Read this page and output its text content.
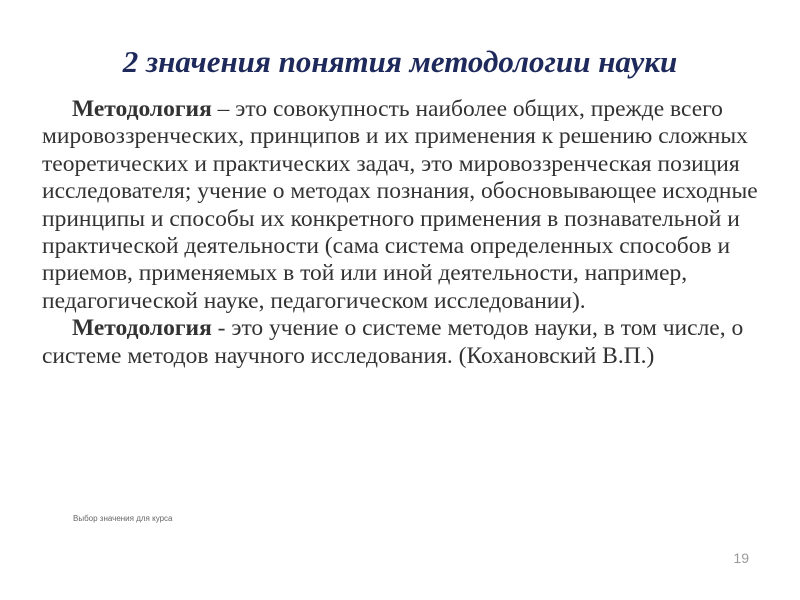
2 значения понятия методологии науки

Методология – это совокупность наиболее общих, прежде всего мировоззренческих, принципов и их применения к решению сложных теоретических и практических задач, это мировоззренческая позиция исследователя; учение о методах познания, обосновывающее исходные принципы и способы их конкретного применения в познавательной и практической деятельности (сама система определенных способов и приемов, применяемых в той или иной деятельности, например, педагогической науке, педагогическом исследовании).

Методология - это учение о системе методов науки, в том числе, о системе методов научного исследования. (Кохановский В.П.)

Выбор значения для курса
19
